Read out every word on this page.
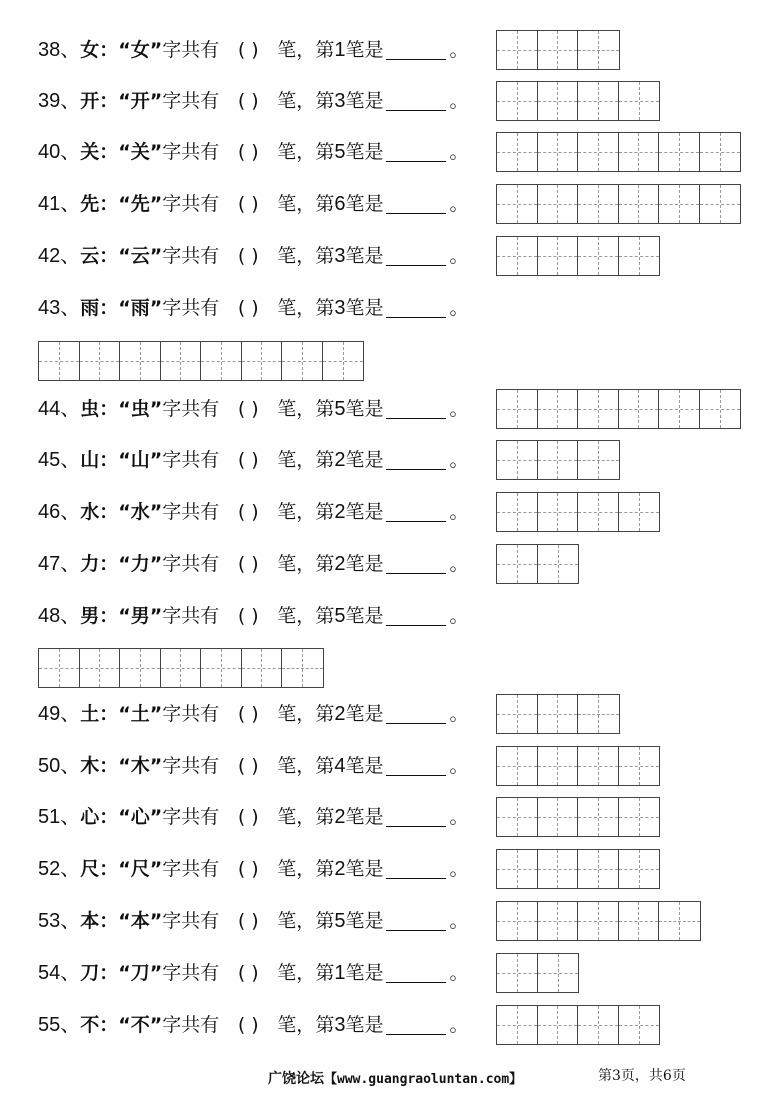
38、女：“女”字共有 ( ) 笔，第1笔是	。
39、开：“开”字共有 ( ) 笔，第3笔是	。
40、关：“关”字共有 ( ) 笔，第5笔是	。
41、先：“先”字共有 ( ) 笔，第6笔是	。
42、云：“云”字共有 ( ) 笔，第3笔是	。
43、雨：“雨”字共有 ( ) 笔，第3笔是	。
44、虫：“虫”字共有 ( ) 笔，第5笔是	。
45、山：“山”字共有 ( ) 笔，第2笔是	。
46、水：“水”字共有 ( ) 笔，第2笔是	。
47、力：“力”字共有 ( ) 笔，第2笔是	。
48、男：“男”字共有 ( ) 笔，第5笔是	。
49、土：“土”字共有 ( ) 笔，第2笔是	。
50、木：“木”字共有 ( ) 笔，第4笔是	。
51、心：“心”字共有 ( ) 笔，第2笔是	。
52、尺：“尺”字共有 ( ) 笔，第2笔是	。
53、本：“本”字共有 ( ) 笔，第5笔是	。
54、刀：“刀”字共有 ( ) 笔，第1笔是	。
55、不：“不”字共有 ( ) 笔，第3笔是	。
广饶论坛【www.guangraoluntan.com】	第3页，共6页
